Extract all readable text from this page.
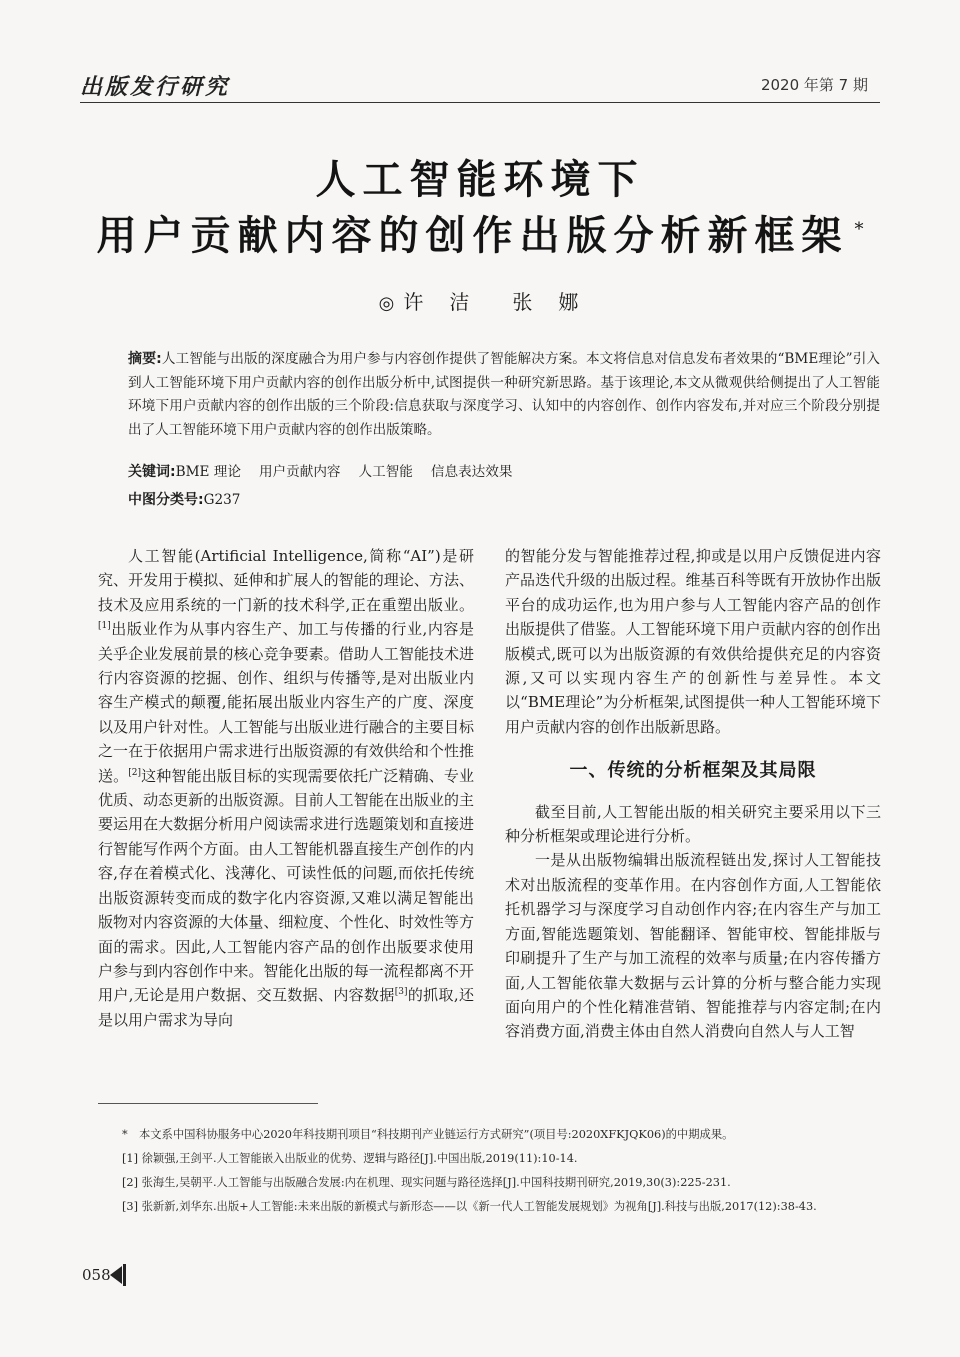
出版发行研究	2020 年第 7 期
人工智能环境下
用户贡献内容的创作出版分析新框架 *
◎ 许　洁 张　娜
摘要:人工智能与出版的深度融合为用户参与内容创作提供了智能解决方案。本文将信息对信息发布者效果的“BME理论”引入到人工智能环境下用户贡献内容的创作出版分析中,试图提供一种研究新思路。基于该理论,本文从微观供给侧提出了人工智能环境下用户贡献内容的创作出版的三个阶段:信息获取与深度学习、认知中的内容创作、创作内容发布,并对应三个阶段分别提出了人工智能环境下用户贡献内容的创作出版策略。
关键词:BME 理论 用户贡献内容 人工智能 信息表达效果
中图分类号:G237

人工智能(Artificial Intelligence,简称“AI”)是研究、开发用于模拟、延伸和扩展人的智能的理论、方法、技术及应用系统的一门新的技术科学,正在重塑出版业。[1]出版业作为从事内容生产、加工与传播的行业,内容是关乎企业发展前景的核心竞争要素。借助人工智能技术进行内容资源的挖掘、创作、组织与传播等,是对出版业内容生产模式的颠覆,能拓展出版业内容生产的广度、深度以及用户针对性。人工智能与出版业进行融合的主要目标之一在于依据用户需求进行出版资源的有效供给和个性推送。[2]这种智能出版目标的实现需要依托广泛精确、专业优质、动态更新的出版资源。目前人工智能在出版业的主要运用在大数据分析用户阅读需求进行选题策划和直接进行智能写作两个方面。由人工智能机器直接生产创作的内容,存在着模式化、浅薄化、可读性低的问题,而依托传统出版资源转变而成的数字化内容资源,又难以满足智能出版物对内容资源的大体量、细粒度、个性化、时效性等方面的需求。因此,人工智能内容产品的创作出版要求使用户参与到内容创作中来。智能化出版的每一流程都离不开用户,无论是用户数据、交互数据、内容数据[3]的抓取,还是以用户需求为导向

的智能分发与智能推荐过程,抑或是以用户反馈促进内容产品迭代升级的出版过程。维基百科等既有开放协作出版平台的成功运作,也为用户参与人工智能内容产品的创作出版提供了借鉴。人工智能环境下用户贡献内容的创作出版模式,既可以为出版资源的有效供给提供充足的内容资源,又可以实现内容生产的创新性与差异性。本文以“BME理论”为分析框架,试图提供一种人工智能环境下用户贡献内容的创作出版新思路。

一、传统的分析框架及其局限

截至目前,人工智能出版的相关研究主要采用以下三种分析框架或理论进行分析。

一是从出版物编辑出版流程链出发,探讨人工智能技术对出版流程的变革作用。在内容创作方面,人工智能依托机器学习与深度学习自动创作内容;在内容生产与加工方面,智能选题策划、智能翻译、智能审校、智能排版与印刷提升了生产与加工流程的效率与质量;在内容传播方面,人工智能依靠大数据与云计算的分析与整合能力实现面向用户的个性化精准营销、智能推荐与内容定制;在内容消费方面,消费主体由自然人消费向自然人与人工智

*　本文系中国科协服务中心2020年科技期刊项目“科技期刊产业链运行方式研究”(项目号:2020XFKJQK06)的中期成果。
[1] 徐颖强,王剑平.人工智能嵌入出版业的优势、逻辑与路径[J].中国出版,2019(11):10-14.
[2] 张海生,吴朝平.人工智能与出版融合发展:内在机理、现实问题与路径选择[J].中国科技期刊研究,2019,30(3):225-231.
[3] 张新新,刘华东.出版+人工智能:未来出版的新模式与新形态——以《新一代人工智能发展规划》为视角[J].科技与出版,2017(12):38-43.
058
